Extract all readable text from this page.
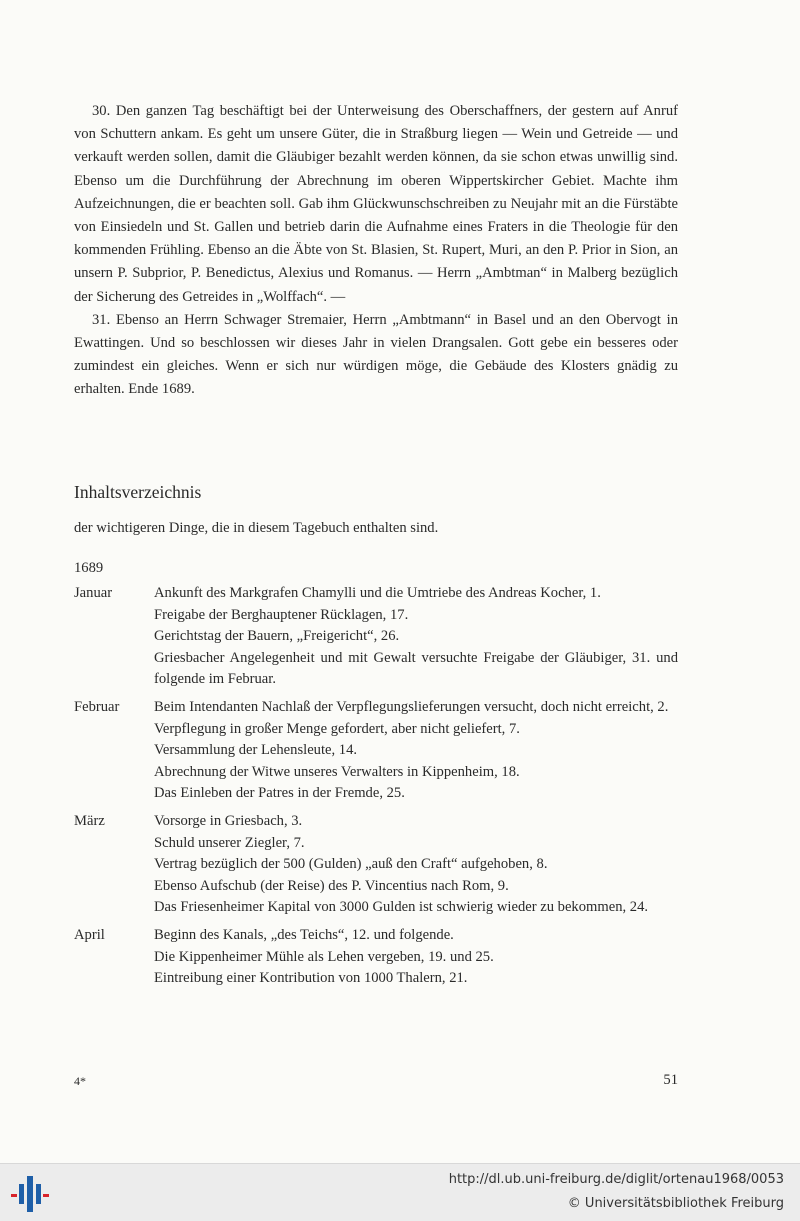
30. Den ganzen Tag beschäftigt bei der Unterweisung des Oberschaffners, der gestern auf Anruf von Schuttern ankam. Es geht um unsere Güter, die in Straßburg liegen — Wein und Getreide — und verkauft werden sollen, damit die Gläubiger bezahlt werden können, da sie schon etwas unwillig sind. Ebenso um die Durchführung der Abrechnung im oberen Wippertskircher Gebiet. Machte ihm Aufzeichnungen, die er beachten soll. Gab ihm Glückwunschschreiben zu Neujahr mit an die Fürstäbte von Einsiedeln und St. Gallen und betrieb darin die Aufnahme eines Fraters in die Theologie für den kommenden Frühling. Ebenso an die Äbte von St. Blasien, St. Rupert, Muri, an den P. Prior in Sion, an unsern P. Subprior, P. Benedictus, Alexius und Romanus. — Herrn „Ambtman“ in Malberg bezüglich der Sicherung des Getreides in „Wolffach“. —

31. Ebenso an Herrn Schwager Stremaier, Herrn „Ambtmann“ in Basel und an den Obervogt in Ewattingen. Und so beschlossen wir dieses Jahr in vielen Drangsalen. Gott gebe ein besseres oder zumindest ein gleiches. Wenn er sich nur würdigen möge, die Gebäude des Klosters gnädig zu erhalten. Ende 1689.

Inhaltsverzeichnis
der wichtigeren Dinge, die in diesem Tagebuch enthalten sind.
1689
Januar	Ankunft des Markgrafen Chamylli und die Umtriebe des Andreas Kocher, 1.
Freigabe der Berghauptener Rücklagen, 17.
Gerichtstag der Bauern, „Freigericht“, 26.
Griesbacher Angelegenheit und mit Gewalt versuchte Freigabe der Gläubiger, 31. und folgende im Februar.
Februar	Beim Intendanten Nachlaß der Verpflegungslieferungen versucht, doch nicht erreicht, 2.
Verpflegung in großer Menge gefordert, aber nicht geliefert, 7.
Versammlung der Lehensleute, 14.
Abrechnung der Witwe unseres Verwalters in Kippenheim, 18.
Das Einleben der Patres in der Fremde, 25.
März	Vorsorge in Griesbach, 3.
Schuld unserer Ziegler, 7.
Vertrag bezüglich der 500 (Gulden) „auß den Craft“ aufgehoben, 8.
Ebenso Aufschub (der Reise) des P. Vincentius nach Rom, 9.
Das Friesenheimer Kapital von 3000 Gulden ist schwierig wieder zu bekommen, 24.
April	Beginn des Kanals, „des Teichs“, 12. und folgende.
Die Kippenheimer Mühle als Lehen vergeben, 19. und 25.
Eintreibung einer Kontribution von 1000 Thalern, 21.
4*	51
http://dl.ub.uni-freiburg.de/diglit/ortenau1968/0053
© Universitätsbibliothek Freiburg
